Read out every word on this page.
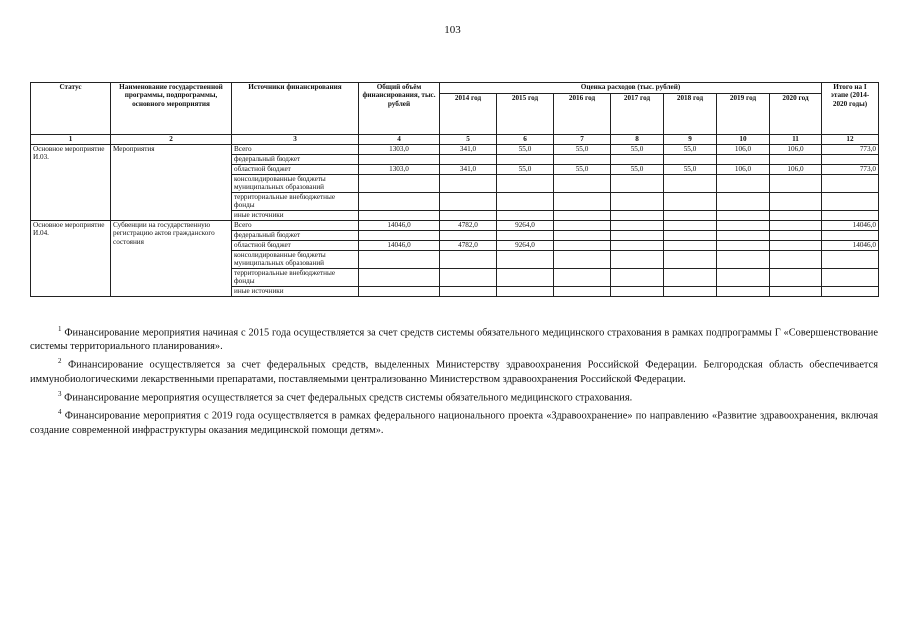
103
Статус	Наименование государственной программы, подпрограммы, основного мероприятия	Источники финансирования	Общий объём финансирования, тыс. рублей	Оценка расходов (тыс. рублей)							Итого на I этапе (2014-2020 годы)
				2014 год	2015 год	2016 год	2017 год	2018 год	2019 год	2020 год	
1	2	3	4	5	6	7	8	9	10	11	12
Основное мероприятие И.03.	Мероприятия	Всего	1303,0	341,0	55,0	55,0	55,0	55,0	106,0	106,0	773,0
		федеральный бюджет									
		областной бюджет	1303,0	341,0	55,0	55,0	55,0	55,0	106,0	106,0	773,0
		консолидированные бюджеты муниципальных образований									
		территориальные внебюджетные фонды									
		иные источники									
Основное мероприятие И.04.	Субвенции на государственную регистрацию актов гражданского состояния	Всего	14046,0	4782,0	9264,0						14046,0
		федеральный бюджет									
		областной бюджет	14046,0	4782,0	9264,0						14046,0
		консолидированные бюджеты муниципальных образований									
		территориальные внебюджетные фонды									
		иные источники									

$^1$ Финансирование мероприятия начиная с 2015 года осуществляется за счет средств системы обязательного медицинского страхования в рамках подпрограммы Г «Совершенствование системы территориального планирования».

$^2$ Финансирование осуществляется за счет федеральных средств, выделенных Министерству здравоохранения Российской Федерации. Белгородская область обеспечивается иммунобиологическими лекарственными препаратами, поставляемыми централизованно Министерством здравоохранения Российской Федерации.

$^3$ Финансирование мероприятия осуществляется за счет федеральных средств системы обязательного медицинского страхования.

$^4$ Финансирование мероприятия с 2019 года осуществляется в рамках федерального национального проекта «Здравоохранение» по направлению «Развитие здравоохранения, включая создание современной инфраструктуры оказания медицинской помощи детям».
